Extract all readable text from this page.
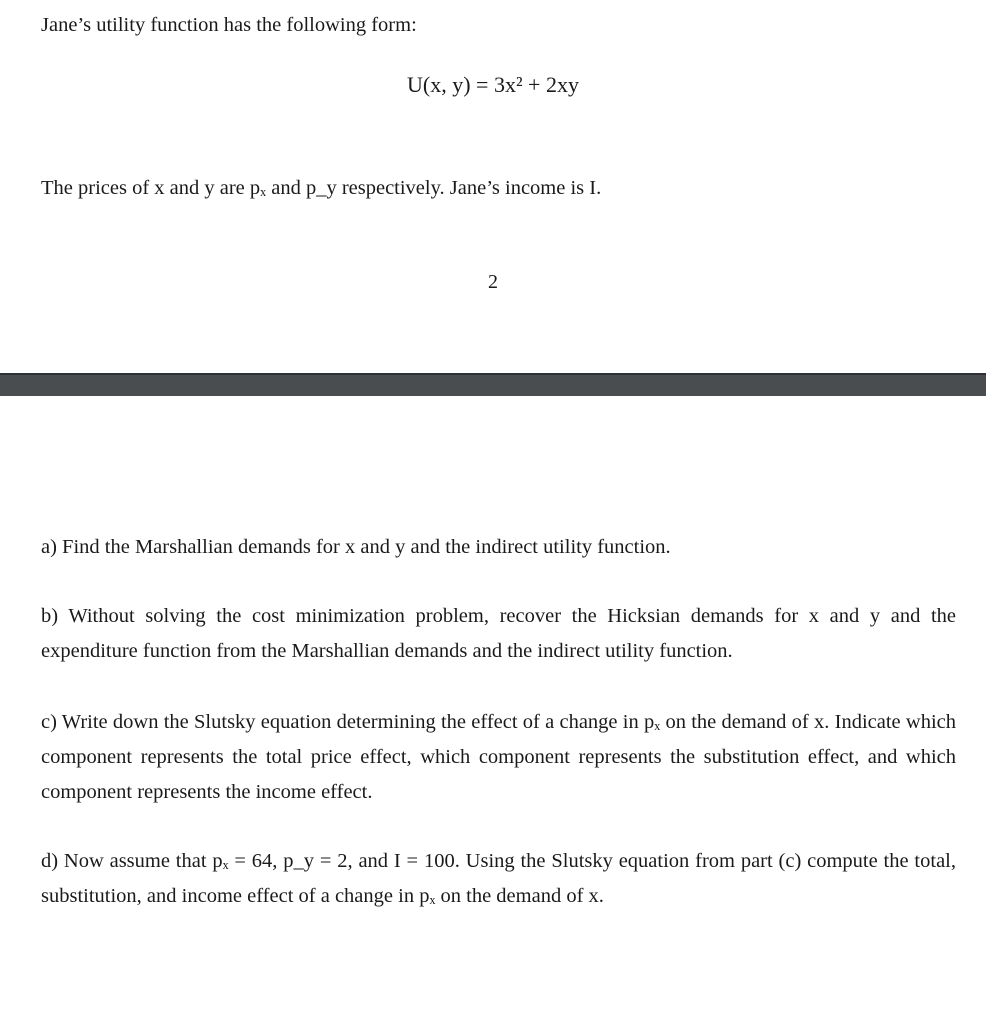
Jane’s utility function has the following form:
U(x, y) = 3x² + 2xy
The prices of x and y are pₓ and p_y respectively. Jane’s income is I.
2
a) Find the Marshallian demands for x and y and the indirect utility function.
b) Without solving the cost minimization problem, recover the Hicksian demands for x and y and the expenditure function from the Marshallian demands and the indirect utility function.
c) Write down the Slutsky equation determining the effect of a change in pₓ on the demand of x. Indicate which component represents the total price effect, which component represents the substitution effect, and which component represents the income effect.
d) Now assume that pₓ = 64, p_y = 2, and I = 100. Using the Slutsky equation from part (c) compute the total, substitution, and income effect of a change in pₓ on the demand of x.
